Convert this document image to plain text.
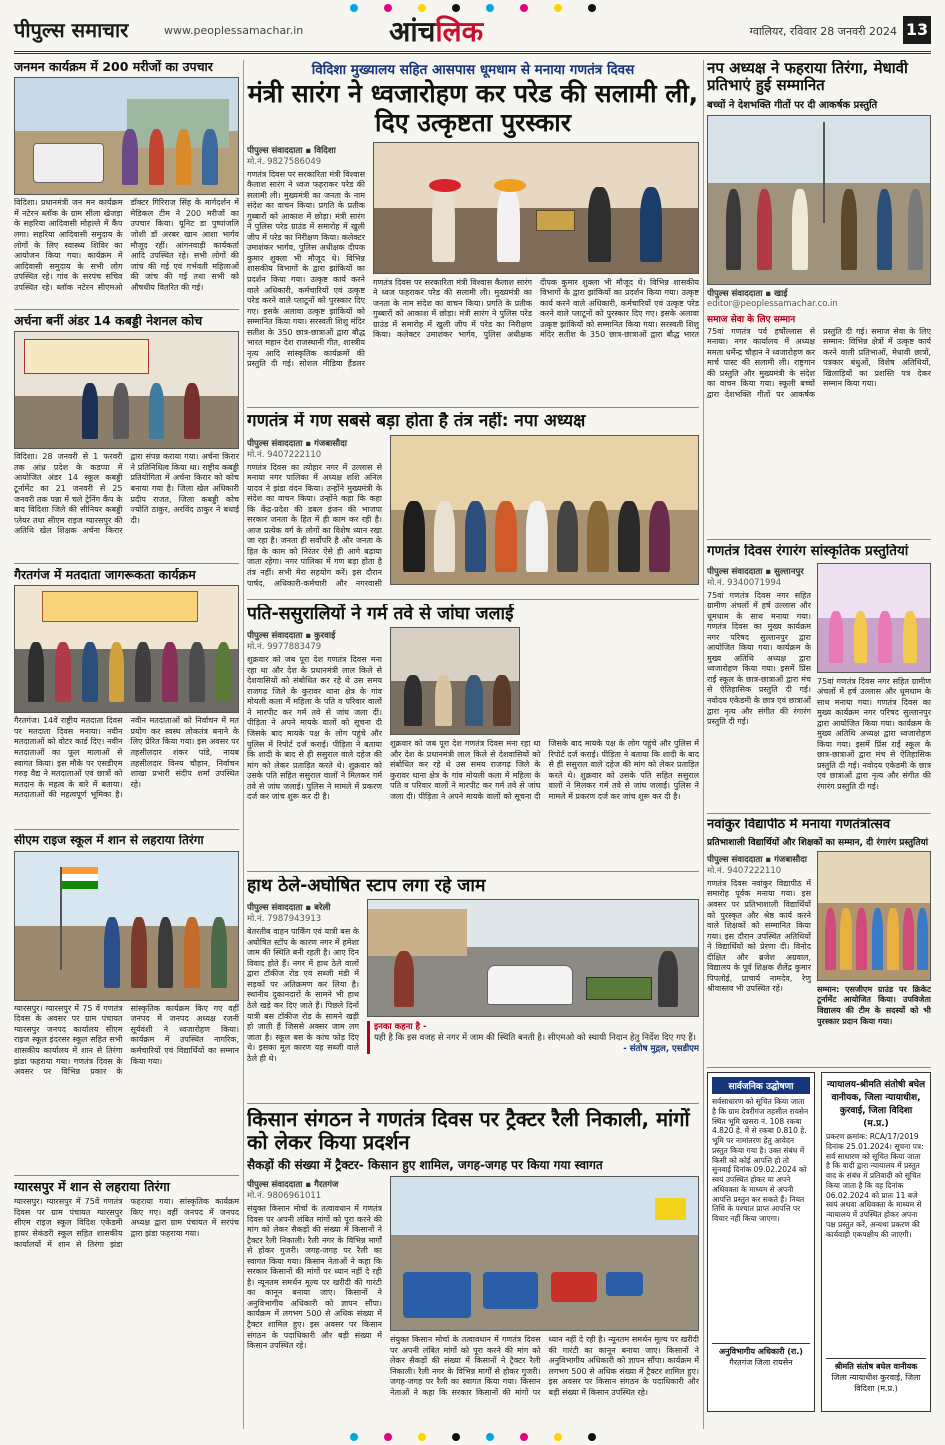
पीपुल्स समाचार	www.peoplessamachar.in	आंचलिक	ग्वालियर, रविवार 28 जनवरी 2024 13
जनमन कार्यक्रम में 200 मरीजों का उपचार
विदिशा। प्रधानमंत्री जन मन कार्यक्रम में नटेरन ब्लॉक के ग्राम सीला खेजड़ा के सहरिया आदिवासी मोहल्ले में कैंप लगा। सहरिया आदिवासी समुदाय के लोगों के लिए स्वास्थ्य शिविर का आयोजन किया गया। कार्यक्रम में आदिवासी समुदाय के सभी लोग उपस्थित रहे। गांव के सरपंच सचिव उपस्थित रहे। ब्लॉक नटेरन सीएमओ डॉक्टर गिरिराज सिंह के मार्गदर्शन में मेडिकल टीम ने 200 मरीजों का उपचार किया। यूनिट डा पुष्पांजलि जोशी डॉ अरबर खान आशा भार्गव मौजूद रहीं। आंगनवाड़ी कार्यकर्ता आदि उपस्थित रहे। सभी लोगों की जांच की गई एवं गर्भवती महिलाओं की जांच की गई तथा सभी को औषधीय वितरित की गई।
अर्चना बनीं अंडर 14 कबड्डी नेशनल कोच
विदिशा। 28 जनवरी से 1 फरवरी तक आंध्र प्रदेश के कडप्पा में आयोजित अंडर 14 स्कूल कबड्डी टूर्नामेंट का 21 जनवरी से 25 जनवरी तक पन्ना में चले ट्रेनिंग कैंप के बाद विदिशा जिले की सीनियर कबड्डी प्लेयर तथा सीएम राइज ग्यारसपुर की अतिथि खेल शिक्षक अर्चना किरार द्वारा संपन्न कराया गया। अर्चना किरार ने प्रतिनिधित्व किया था। राष्ट्रीय कबड्डी प्रतियोगिता में अर्चना किरार को कोच बनाया गया है। जिला खेल अधिकारी प्रदीप राजत, जिला कबड्डी कोच ज्योति ठाकुर, अरविंद ठाकुर ने बधाई दी।
गैरतगंज में मतदाता जागरूकता कार्यक्रम
गैरतगंज। 14वें राष्ट्रीय मतदाता दिवस पर मतदाता दिवस मनाया। नवीन मतदाताओं को वोटर कार्ड दिए। नवीन मतदाताओं का फूल मालाओं से स्वागत किया। इस मौके पर एसडीएम गरुड़ वैद्य ने मतदाताओं एवं छात्रों को मतदान के महत्व के बारे में बताया। मतदाताओं की महत्वपूर्ण भूमिका है। नवीन मतदाताओं को निर्वाचन में मत प्रयोग कर स्वस्थ लोकतंत्र बनाने के लिए प्रेरित किया गया। इस अवसर पर तहसीलदार शंकर पांडे, नायब तहसीलदार विनय चौहान, निर्वाचन शाखा प्रभारी संदीप शर्मा उपस्थित रहे।
सीएम राइज स्कूल में शान से लहराया तिरंगा
ग्यारसपुर। ग्यारसपुर में 75 वें गणतंत्र दिवस के अवसर पर ग्राम पंचायत ग्यारसपुर जनपद कार्यालय सीएम राइज स्कूल इंदरसर स्कूल सहित सभी शासकीय कार्यालय में शान से तिरंगा झंडा फहराया गया। गणतंत्र दिवस के अवसर पर विभिन्न प्रकार के सांस्कृतिक कार्यक्रम किए गए वहीं जनपद में जनपद अध्यक्ष रजनी सूर्यवंशी ने ध्वजारोहण किया। कार्यक्रम में उपस्थित नागरिक, कर्मचारियों एवं विद्यार्थियों का सम्मान किया गया।
ग्यारसपुर में शान से लहराया तिरंगा
ग्यारसपुर। ग्यारसपुर में 75वें गणतंत्र दिवस पर ग्राम पंचायत ग्यारसपुर सीएम राइज स्कूल विदिश एकेडमी हायर सेकंडरी स्कूल सहित शासकीय कार्यालयों में शान से तिरंगा झंडा फहराया गया। सांस्कृतिक कार्यक्रम किए गए। वहीं जनपद में जनपद अध्यक्ष द्वारा ग्राम पंचायत में सरपंच द्वारा झंडा फहराया गया।
विदिशा मुख्यालय सहित आसपास धूमधाम से मनाया गणतंत्र दिवस
मंत्री सारंग ने ध्वजारोहण कर परेड की सलामी ली, दिए उत्कृष्टता पुरस्कार
पीपुल्स संवाददाता ▪ विदिशा
मो.नं. 9827586049
गणतंत्र दिवस पर सरकारिता मंत्री विश्वास कैलाश सारंग ने ध्वज फहराकर परेड की सलामी ली। मुख्यमंत्री का जनता के नाम संदेश का वाचन किया। प्रगति के प्रतीक गुब्बारों को आकाश में छोड़ा। मंत्री सारंग ने पुलिस परेड ग्राउंड में समारोह में खुली जीप में परेड का निरीक्षण किया। कलेक्टर उमाशंकर भार्गव, पुलिस अधीक्षक दीपक कुमार शुक्ला भी मौजूद थे। विभिन्न शासकीय विभागों के द्वारा झांकियों का प्रदर्शन किया गया। उत्कृष्ट कार्य करने वाले अधिकारी, कर्मचारियों एवं उत्कृष्ट परेड करने वाले प्लाटूनों को पुरस्कार दिए गए। इसके अलावा उत्कृष्ट झांकियों को सम्मानित किया गया। सरस्वती शिशु मंदिर सतीश के 350 छात्र-छात्राओं द्वारा बौद्ध भारत महान देश राजस्थानी गीत, शास्त्रीय नृत्य आदि सांस्कृतिक कार्यक्रमों की प्रस्तुति दी गई। सोशल मीडिया हैंडलर
गणतंत्र दिवस पर सरकारिता मंत्री विश्वास कैलाश सारंग ने ध्वज फहराकर परेड की सलामी ली। मुख्यमंत्री का जनता के नाम संदेश का वाचन किया। प्रगति के प्रतीक गुब्बारों को आकाश में छोड़ा। मंत्री सारंग ने पुलिस परेड ग्राउंड में समारोह में खुली जीप में परेड का निरीक्षण किया। कलेक्टर उमाशंकर भार्गव, पुलिस अधीक्षक दीपक कुमार शुक्ला भी मौजूद थे। विभिन्न शासकीय विभागों के द्वारा झांकियों का प्रदर्शन किया गया। उत्कृष्ट कार्य करने वाले अधिकारी, कर्मचारियों एवं उत्कृष्ट परेड करने वाले प्लाटूनों को पुरस्कार दिए गए। इसके अलावा उत्कृष्ट झांकियों को सम्मानित किया गया। सरस्वती शिशु मंदिर सतीश के 350 छात्र-छात्राओं द्वारा बौद्ध भारत
गणतंत्र में गण सबसे बड़ा होता है तंत्र नहीं: नपा अध्यक्ष
पीपुल्स संवाददाता ▪ गंजबासौदा
मो.नं. 9407222110
गणतंत्र दिवस का त्योहार नगर में उल्लास से मनाया नगर पालिका में अध्यक्ष शशि अनिल यादव ने झंडा वंदन किया। उन्होंने मुख्यमंत्री के संदेश का वाचन किया। उन्होंने कहा कि कहा कि केंद्र-प्रदेश की डबल इंजन की भाजपा सरकार जनता के हित में ही काम कर रही है। आज प्रत्येक वर्ग के लोगों का विशेष ध्यान रखा जा रहा है। जनता ही सर्वोपरि है और जनता के हित के काम को निरंतर ऐसे ही आगे बढ़ाया जाता रहेगा। नगर पालिका में गण बड़ा होता है तंत्र नहीं। सभी मेरा सहयोग करें। इस दौरान पार्षद, अधिकारी-कर्मचारी और नगरवासी
पति-ससुरालियों ने गर्म तवे से जांघा जलाई
पीपुल्स संवाददाता ▪ कुरवाई
मो.नं. 9977883479
शुक्रवार को जब पूरा देश गणतंत्र दिवस मना रहा था और देश के प्रधानमंत्री लाल किले से देशवासियों को संबोधित कर रहे थे उस समय राजगढ़ जिले के कुरावर थाना क्षेत्र के गांव मोयली कला में महिला के पति व परिवार वालों ने मारपीट कर गर्म तवे से जांघ जला दी। पीड़िता ने अपने मायके वालों को सूचना दी जिसके बाद मायके पक्ष के लोग पहुंचे और पुलिस में रिपोर्ट दर्ज कराई। पीड़िता ने बताया कि शादी के बाद से ही ससुराल वाले दहेज की मांग को लेकर प्रताड़ित करते थे। शुक्रवार को उसके पति सहित ससुराल वालों ने मिलकर गर्म तवे से जांघ जलाई। पुलिस ने मामले में प्रकरण दर्ज कर जांच शुरू कर दी है।
शुक्रवार को जब पूरा देश गणतंत्र दिवस मना रहा था और देश के प्रधानमंत्री लाल किले से देशवासियों को संबोधित कर रहे थे उस समय राजगढ़ जिले के कुरावर थाना क्षेत्र के गांव मोयली कला में महिला के पति व परिवार वालों ने मारपीट कर गर्म तवे से जांघ जला दी। पीड़िता ने अपने मायके वालों को सूचना दी जिसके बाद मायके पक्ष के लोग पहुंचे और पुलिस में रिपोर्ट दर्ज कराई। पीड़िता ने बताया कि शादी के बाद से ही ससुराल वाले दहेज की मांग को लेकर प्रताड़ित करते थे। शुक्रवार को उसके पति सहित ससुराल वालों ने मिलकर गर्म तवे से जांघ जलाई। पुलिस ने मामले में प्रकरण दर्ज कर जांच शुरू कर दी है।
हाथ ठेले-अघोषित स्टाप लगा रहे जाम
पीपुल्स संवाददाता ▪ बरेली
मो.नं. 7987943913
बेतरतीब वाहन पार्किंग एवं यात्री बस के अघोषित स्टॉप के कारण नगर में हमेशा जाम की स्थिति बनी रहती है। आए दिन विवाद होते हैं। नगर में हाथ ठेले वालों द्वारा टॉकीज रोड एवं सब्जी मंडी में सड़कों पर अतिक्रमण कर लिया है। स्थानीय दुकानदारों के सामने भी हाथ ठेले खड़े कर दिए जाते हैं। पिछले दिनों यात्री बस टॉकीज रोड के सामने खड़ी हो जाती हैं जिससे अक्सर जाम लग जाता है। स्कूल बस के कांच फोड़ दिए थे। इसका मूल कारण यह सब्जी वाले ठेले ही थे।
इनका कहना है -
यही है कि इस वजह से नगर में जाम की स्थिति बनती है। सीएमओ को स्थायी निदान हेतु निर्देश दिए गए हैं।
- संतोष मुद्गल, एसडीएम
किसान संगठन ने गणतंत्र दिवस पर ट्रैक्टर रैली निकाली, मांगों को लेकर किया प्रदर्शन
सैकड़ों की संख्या में ट्रैक्टर- किसान हुए शामिल, जगह-जगह पर किया गया स्वागत
पीपुल्स संवाददाता ▪ गैरतगंज
मो.नं. 9806961011
संयुक्त किसान मोर्चा के तत्वावधान में गणतंत्र दिवस पर अपनी लंबित मांगों को पूरा करने की मांग को लेकर सैकड़ों की संख्या में किसानों ने ट्रैक्टर रैली निकाली। रैली नगर के विभिन्न मार्गों से होकर गुजरी। जगह-जगह पर रैली का स्वागत किया गया। किसान नेताओं ने कहा कि सरकार किसानों की मांगों पर ध्यान नहीं दे रही है। न्यूनतम समर्थन मूल्य पर खरीदी की गारंटी का कानून बनाया जाए। किसानों ने अनुविभागीय अधिकारी को ज्ञापन सौंपा। कार्यक्रम में लगभग 500 से अधिक संख्या में ट्रैक्टर शामिल हुए। इस अवसर पर किसान संगठन के पदाधिकारी और बड़ी संख्या में किसान उपस्थित रहे।
संयुक्त किसान मोर्चा के तत्वावधान में गणतंत्र दिवस पर अपनी लंबित मांगों को पूरा करने की मांग को लेकर सैकड़ों की संख्या में किसानों ने ट्रैक्टर रैली निकाली। रैली नगर के विभिन्न मार्गों से होकर गुजरी। जगह-जगह पर रैली का स्वागत किया गया। किसान नेताओं ने कहा कि सरकार किसानों की मांगों पर ध्यान नहीं दे रही है। न्यूनतम समर्थन मूल्य पर खरीदी की गारंटी का कानून बनाया जाए। किसानों ने अनुविभागीय अधिकारी को ज्ञापन सौंपा। कार्यक्रम में लगभग 500 से अधिक संख्या में ट्रैक्टर शामिल हुए। इस अवसर पर किसान संगठन के पदाधिकारी और बड़ी संख्या में किसान उपस्थित रहे।
नप अध्यक्ष ने फहराया तिरंगा, मेधावी प्रतिभाएं हुई सम्मानित
बच्चों ने देशभक्ति गीतों पर दी आकर्षक प्रस्तुति
पीपुल्स संवाददाता ▪ खाई
editor@peoplessamachar.co.in
समाज सेवा के लिए सम्मान
75वां गणतंत्र पर्व हर्षोल्लास से मनाया। नगर कार्यालय में अध्यक्ष ममता धर्मेन्द्र चौहान ने ध्वजारोहण कर मार्च पास्ट की सलामी ली। राष्ट्रगान की प्रस्तुति और मुख्यमंत्री के संदेश का वाचन किया गया। स्कूली बच्चों द्वारा देशभक्ति गीतों पर आकर्षक प्रस्तुति दी गई। समाज सेवा के लिए सम्मान: विभिन्न क्षेत्रों में उत्कृष्ट कार्य करने वाली प्रतिभाओं, मेधावी छात्रों, पत्रकार बंधुओं, विशेष अतिथियों, खिलाड़ियों का प्रशस्ति पत्र देकर सम्मान किया गया।
गणतंत्र दिवस रंगारंग सांस्कृतिक प्रस्तुतियां
पीपुल्स संवाददाता ▪ सुल्तानपुर
मो.नं. 9340071994
75वां गणतंत्र दिवस नगर सहित ग्रामीण अंचलों में हर्ष उल्लास और धूमधाम के साथ मनाया गया। गणतंत्र दिवस का मुख्य कार्यक्रम नगर परिषद सुल्तानपुर द्वारा आयोजित किया गया। कार्यक्रम के मुख्य अतिथि अध्यक्ष द्वारा ध्वजारोहण किया गया। इसमें प्रिंस राईं स्कूल के छात्र-छात्राओं द्वारा मंच से ऐतिहासिक प्रस्तुति दी गई। नवोदय एकेडमी के छात्र एवं छात्राओं द्वारा नृत्य और संगीत की रंगारंग प्रस्तुति दी गई।
75वां गणतंत्र दिवस नगर सहित ग्रामीण अंचलों में हर्ष उल्लास और धूमधाम के साथ मनाया गया। गणतंत्र दिवस का मुख्य कार्यक्रम नगर परिषद सुल्तानपुर द्वारा आयोजित किया गया। कार्यक्रम के मुख्य अतिथि अध्यक्ष द्वारा ध्वजारोहण किया गया। इसमें प्रिंस राईं स्कूल के छात्र-छात्राओं द्वारा मंच से ऐतिहासिक प्रस्तुति दी गई। नवोदय एकेडमी के छात्र एवं छात्राओं द्वारा नृत्य और संगीत की रंगारंग प्रस्तुति दी गई।
नवांकुर विद्यापीठ में मनाया गणतंत्रोत्सव
प्रतिभाशाली विद्यार्थियों और शिक्षकों का सम्मान, दी रंगारंग प्रस्तुतियां
पीपुल्स संवाददाता ▪ गंजबासौदा
मो.नं. 9407222110
गणतंत्र दिवस नवांकुर विद्यापीठ में समारोह पूर्वक मनाया गया। इस अवसर पर प्रतिभाशाली विद्यार्थियों को पुरस्कृत और श्रेष्ठ कार्य करने वाले शिक्षकों को सम्मानित किया गया। इस दौरान उपस्थित अतिथियों ने विद्यार्थियों को प्रेरणा दी। विनोद दीक्षित और ब्रजेश अग्रवाल, विद्यालय के पूर्व शिक्षक शैलेंद्र कुमार पिपलोई, प्राचार्य नामदेव, रेणु श्रीवास्तव भी उपस्थित रहे।	सम्मान: एसजीएम ग्राउंड पर क्रिकेट टूर्नामेंट आयोजित किया। उपविजेता विद्यालय की टीम के सदस्यों को भी पुरस्कार प्रदान किया गया।
सार्वजनिक उद्घोषणा
सर्वसाधारण को सूचित किया जाता है कि ग्राम देवरीगंज तहसील रायसेन स्थित भूमि खसरा नं. 108 रकबा 4.820 हे. में से रकबा 0.810 हे. भूमि पर नामांतरण हेतु आवेदन प्रस्तुत किया गया है। उक्त संबंध में किसी को कोई आपत्ति हो तो सुनवाई दिनांक 09.02.2024 को स्वयं उपस्थित होकर या अपने अधिवक्ता के माध्यम से अपनी आपत्ति प्रस्तुत कर सकते हैं। नियत तिथि के पश्चात प्राप्त आपत्ति पर विचार नहीं किया जाएगा।
अनुविभागीय अधिकारी (रा.)
गैरतगंज जिला रायसेन
न्यायालय-श्रीमति संतोषी बघेल वानीयक, जिला न्यायाधीश, कुरवाई, जिला विदिशा (म.प्र.)
प्रकरण क्रमांक: RCA/17/2019 दिनांक 25.01.2024। सूचना पत्र: सर्व साधारण को सूचित किया जाता है कि वादी द्वारा न्यायालय में प्रस्तुत वाद के संबंध में प्रतिवादी को सूचित किया जाता है कि वह दिनांक 06.02.2024 को प्रातः 11 बजे स्वयं अथवा अधिवक्ता के माध्यम से न्यायालय में उपस्थित होकर अपना पक्ष प्रस्तुत करें, अन्यथा प्रकरण की कार्यवाही एकपक्षीय की जाएगी।
श्रीमति संतोष बघेल वानीयक
जिला न्यायाधीश कुरवाई, जिला विदिशा (म.प्र.)
